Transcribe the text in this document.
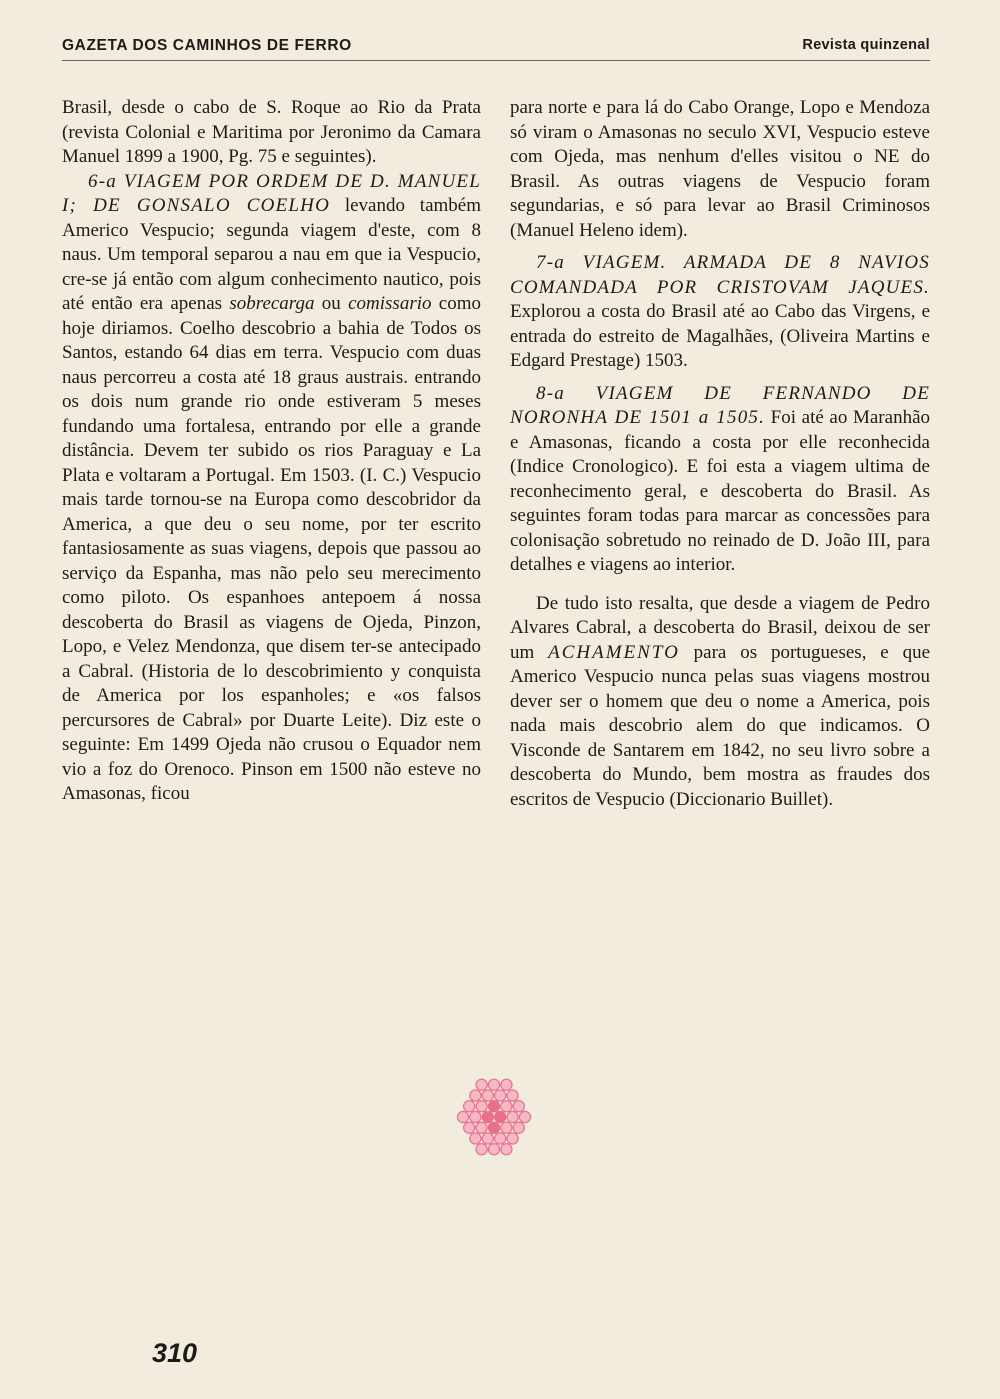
GAZETA DOS CAMINHOS DE FERRO	Revista quinzenal

Brasil, desde o cabo de S. Roque ao Rio da Prata (revista Colonial e Maritima por Jeronimo da Camara Manuel 1899 a 1900, Pg. 75 e seguintes).

6-a VIAGEM POR ORDEM DE D. MANUEL I; DE GONSALO COELHO levando também Americo Vespucio; segunda viagem d'este, com 8 naus. Um temporal separou a nau em que ia Vespucio, cre-se já então com algum conhecimento nautico, pois até então era apenas sobrecarga ou comissario como hoje diriamos. Coelho descobrio a bahia de Todos os Santos, estando 64 dias em terra. Vespucio com duas naus percorreu a costa até 18 graus austrais. entrando os dois num grande rio onde estiveram 5 meses fundando uma fortalesa, entrando por elle a grande distância. Devem ter subido os rios Paraguay e La Plata e voltaram a Portugal. Em 1503. (I. C.) Vespucio mais tarde tornou-se na Europa como descobridor da America, a que deu o seu nome, por ter escrito fantasiosamente as suas viagens, depois que passou ao serviço da Espanha, mas não pelo seu merecimento como piloto. Os espanhoes antepoem á nossa descoberta do Brasil as viagens de Ojeda, Pinzon, Lopo, e Velez Mendonza, que disem ter-se antecipado a Cabral. (Historia de lo descobrimiento y conquista de America por los espanholes; e «os falsos percursores de Cabral» por Duarte Leite). Diz este o seguinte: Em 1499 Ojeda não crusou o Equador nem vio a foz do Orenoco. Pinson em 1500 não esteve no Amasonas, ficou

para norte e para lá do Cabo Orange, Lopo e Mendoza só viram o Amasonas no seculo XVI, Vespucio esteve com Ojeda, mas nenhum d'elles visitou o NE do Brasil. As outras viagens de Vespucio foram segundarias, e só para levar ao Brasil Criminosos (Manuel Heleno idem).

7-a VIAGEM. ARMADA DE 8 NAVIOS COMANDADA POR CRISTOVAM JAQUES. Explorou a costa do Brasil até ao Cabo das Virgens, e entrada do estreito de Magalhães, (Oliveira Martins e Edgard Prestage) 1503.

8-a VIAGEM DE FERNANDO DE NORONHA DE 1501 a 1505. Foi até ao Maranhão e Amasonas, ficando a costa por elle reconhecida (Indice Cronologico). E foi esta a viagem ultima de reconhecimento geral, e descoberta do Brasil. As seguintes foram todas para marcar as concessões para colonisação sobretudo no reinado de D. João III, para detalhes e viagens ao interior.

De tudo isto resalta, que desde a viagem de Pedro Alvares Cabral, a descoberta do Brasil, deixou de ser um ACHAMENTO para os portugueses, e que Americo Vespucio nunca pelas suas viagens mostrou dever ser o homem que deu o nome a America, pois nada mais descobrio alem do que indicamos. O Visconde de Santarem em 1842, no seu livro sobre a descoberta do Mundo, bem mostra as fraudes dos escritos de Vespucio (Diccionario Buillet).

310
